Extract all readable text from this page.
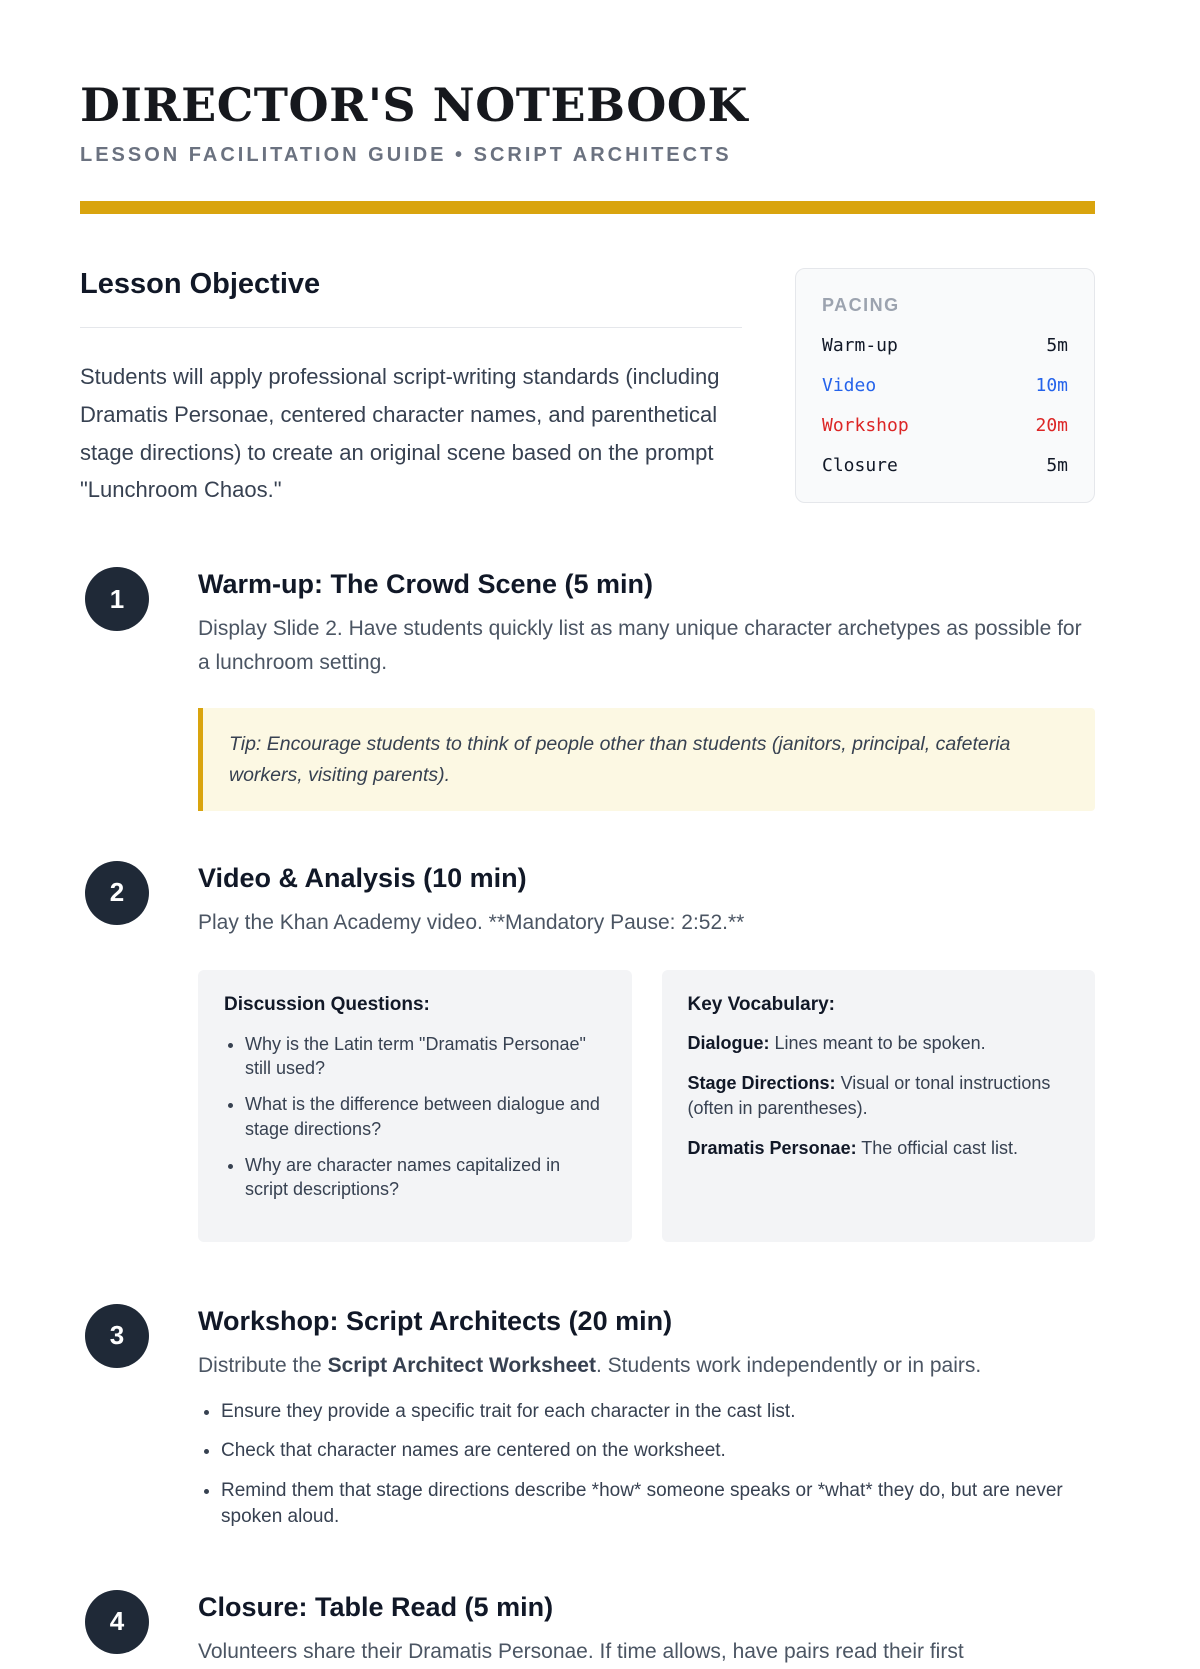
DIRECTOR'S NOTEBOOK
LESSON FACILITATION GUIDE • SCRIPT ARCHITECTS
Lesson Objective

Students will apply professional script-writing standards (including Dramatis Personae, centered character names, and parenthetical stage directions) to create an original scene based on the prompt "Lunchroom Chaos."

PACING
Warm-up	5m
Video	10m
Workshop	20m
Closure	5m
1	Warm-up: The Crowd Scene (5 min)

Display Slide 2. Have students quickly list as many unique character archetypes as possible for a lunchroom setting.

Tip: Encourage students to think of people other than students (janitors, principal, cafeteria workers, visiting parents).
2	Video & Analysis (10 min)

Play the Khan Academy video. **Mandatory Pause: 2:52.**

Discussion Questions:
• Why is the Latin term "Dramatis Personae" still used?
• What is the difference between dialogue and stage directions?
• Why are character names capitalized in script descriptions?
Key Vocabulary:

Dialogue: Lines meant to be spoken.

Stage Directions: Visual or tonal instructions (often in parentheses).

Dramatis Personae: The official cast list.

3	Workshop: Script Architects (20 min)

Distribute the Script Architect Worksheet. Students work independently or in pairs.

• Ensure they provide a specific trait for each character in the cast list.
• Check that character names are centered on the worksheet.
• Remind them that stage directions describe *how* someone speaks or *what* they do, but are never spoken aloud.
4	Closure: Table Read (5 min)

Volunteers share their Dramatis Personae. If time allows, have pairs read their first
